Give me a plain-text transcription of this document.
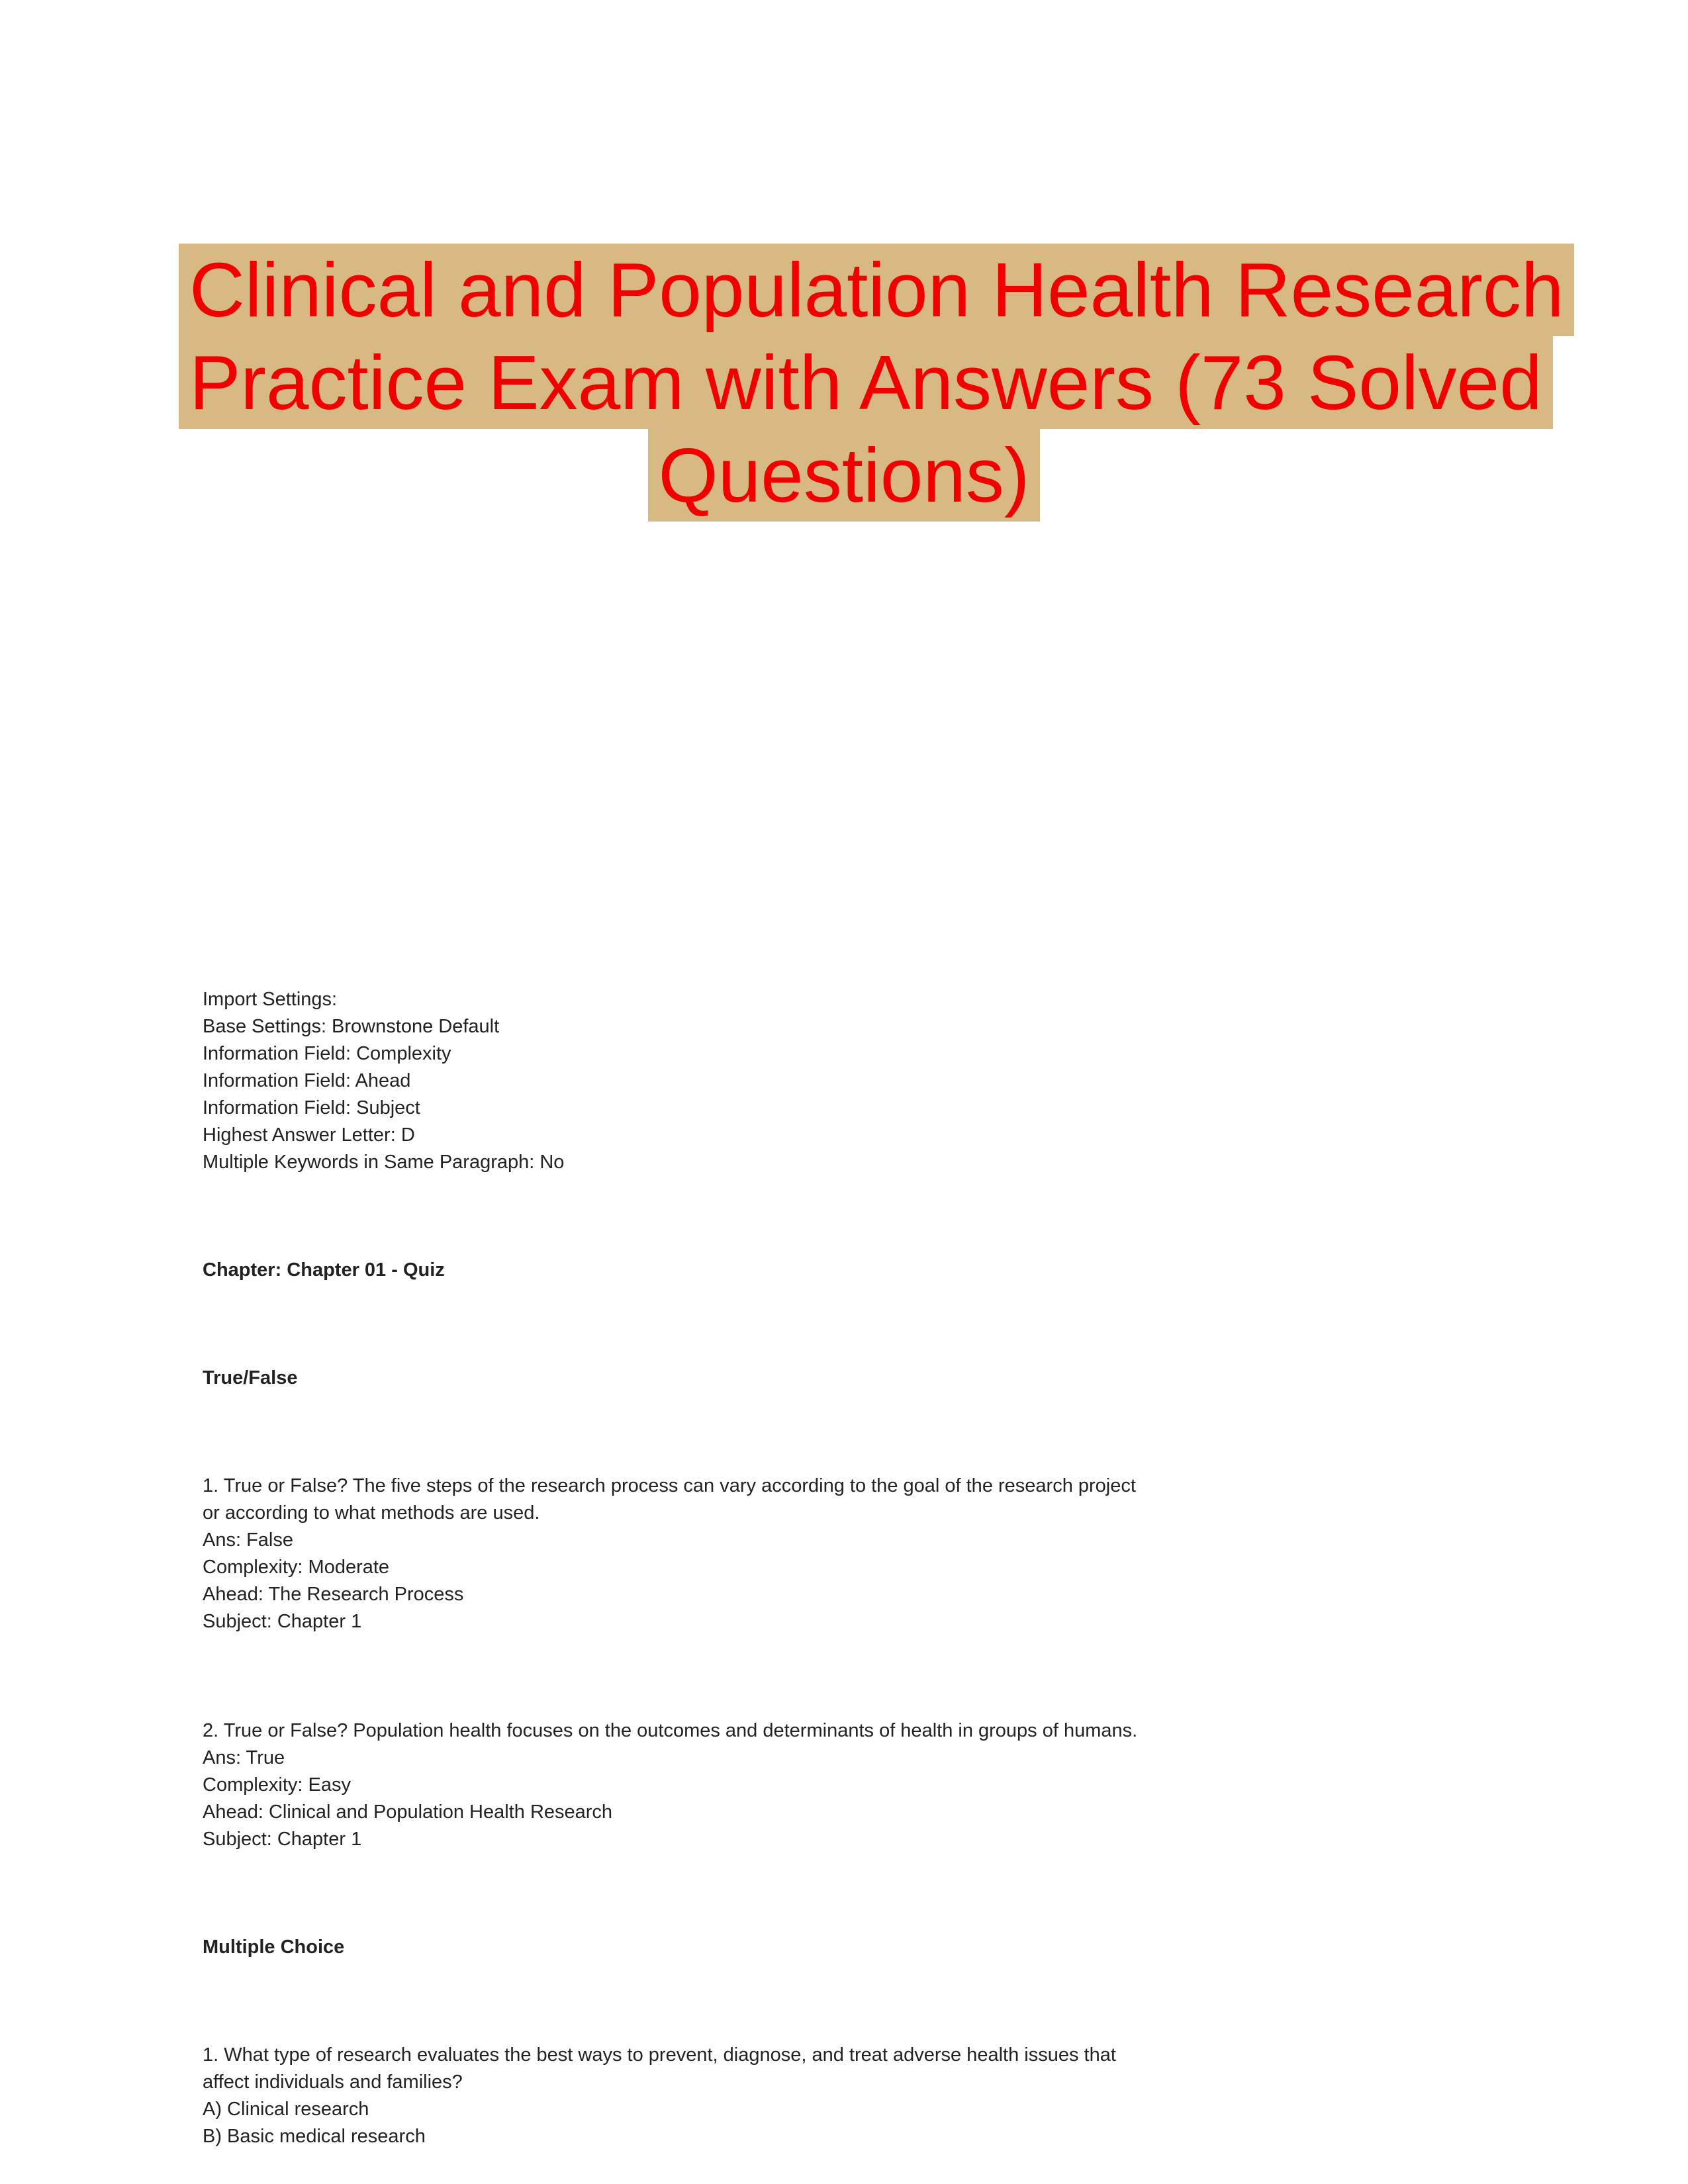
Clinical and Population Health Research
Practice Exam with Answers (73 Solved
Questions)
Import Settings:
Base Settings: Brownstone Default
Information Field: Complexity
Information Field: Ahead
Information Field: Subject
Highest Answer Letter: D
Multiple Keywords in Same Paragraph: No
Chapter: Chapter 01 - Quiz
True/False
1. True or False? The five steps of the research process can vary according to the goal of the research project or according to what methods are used.
Ans: False
Complexity: Moderate
Ahead: The Research Process
Subject: Chapter 1
2. True or False? Population health focuses on the outcomes and determinants of health in groups of humans.
Ans: True
Complexity: Easy
Ahead: Clinical and Population Health Research
Subject: Chapter 1
Multiple Choice
1. What type of research evaluates the best ways to prevent, diagnose, and treat adverse health issues that affect individuals and families?
A) Clinical research
B) Basic medical research
